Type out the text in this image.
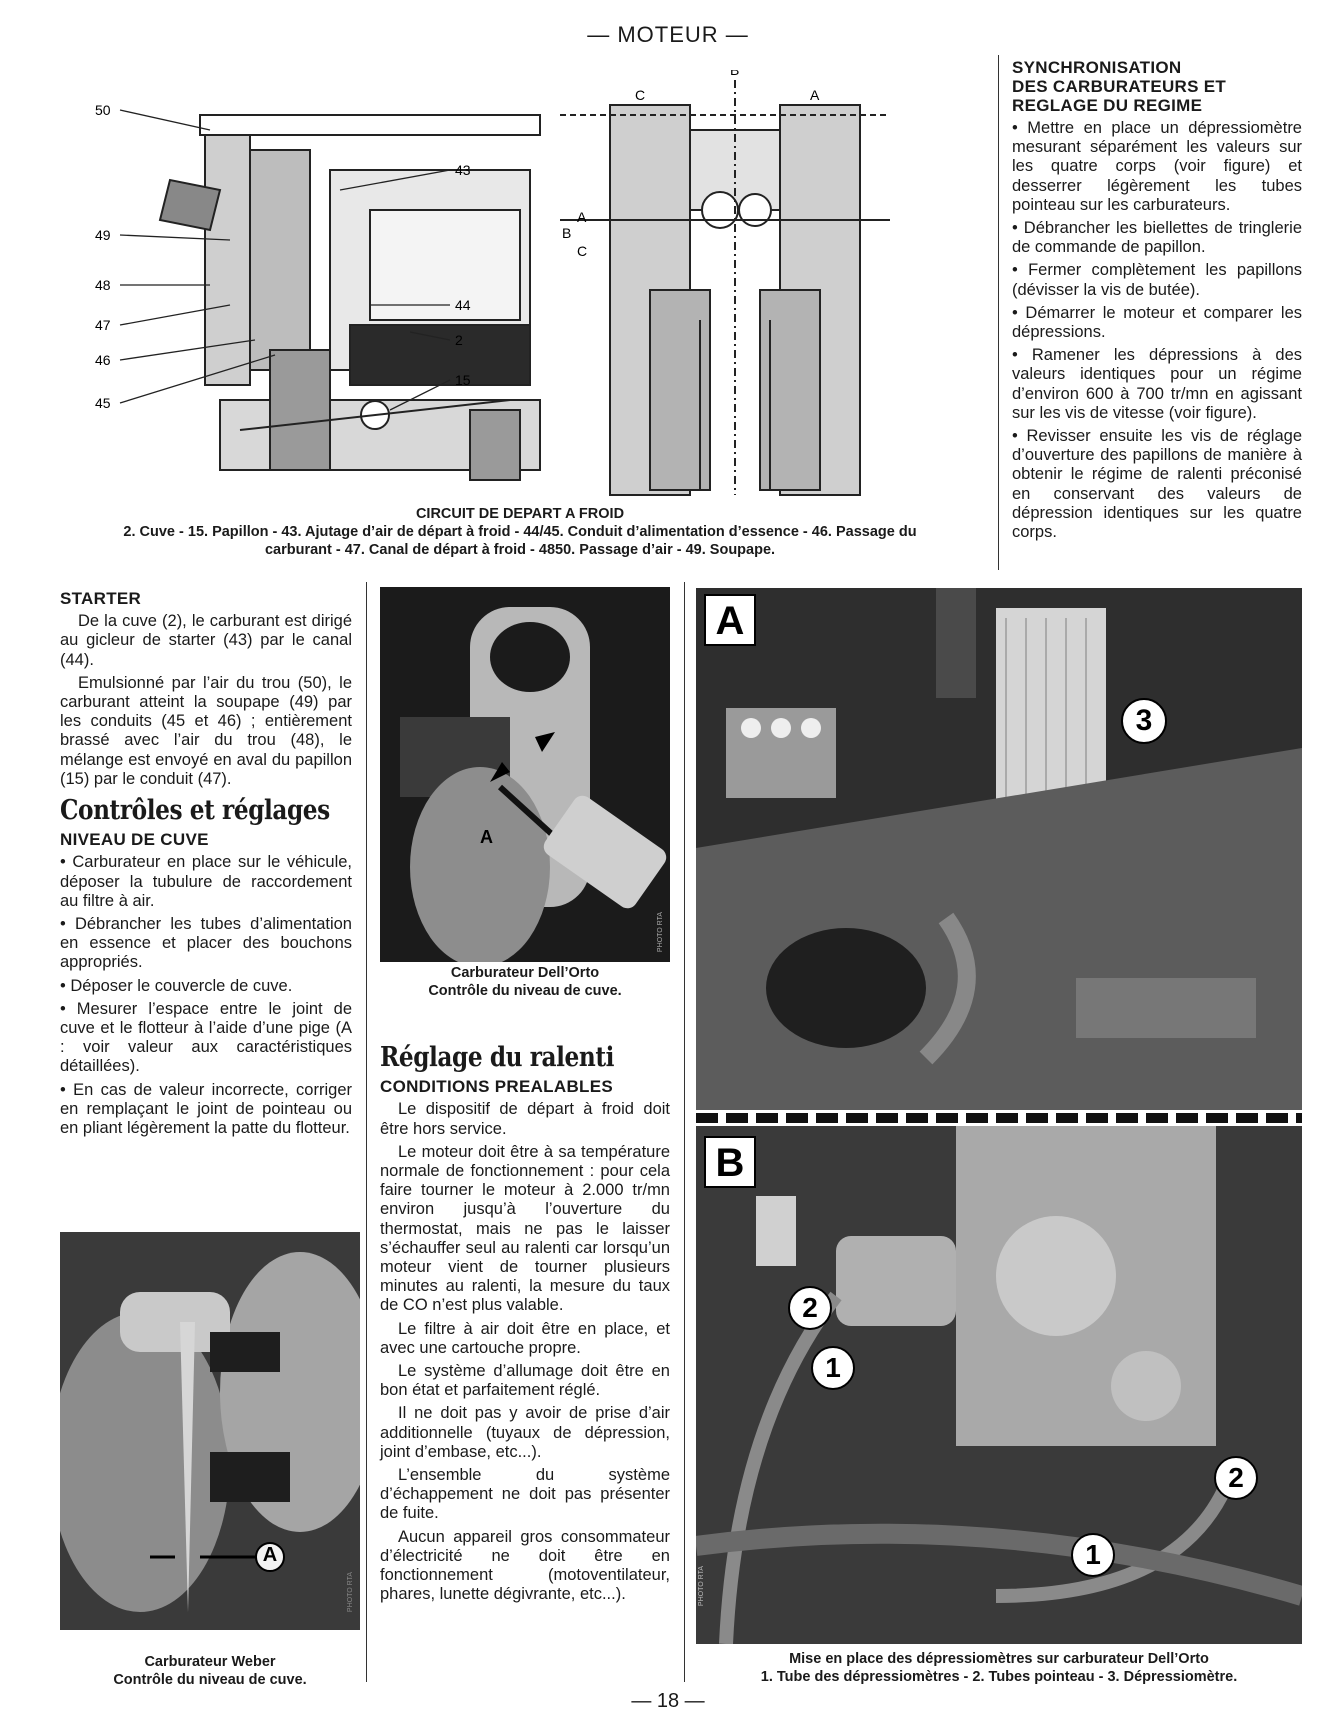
— MOTEUR —
50
49
48
47
46
45
43
44
2
15
B
C	A
A
B
C
CIRCUIT DE DEPART A FROID
2. Cuve - 15. Papillon - 43. Ajutage d’air de départ à froid - 44/45. Conduit d’alimentation d’essence - 46. Passage du
carburant - 47. Canal de départ à froid - 4850. Passage d’air - 49. Soupape.
SYNCHRONISATION
DES CARBURATEURS ET
REGLAGE DU REGIME

• Mettre en place un dépressiomètre mesurant séparément les valeurs sur les quatre corps (voir figure) et desserrer légèrement les tubes pointeau sur les carburateurs.

• Débrancher les biellettes de tringlerie de commande de papillon.

• Fermer complètement les papillons (dévisser la vis de butée).

• Démarrer le moteur et comparer les dépressions.

• Ramener les dépressions à des valeurs identiques pour un régime d’environ 600 à 700 tr/mn en agissant sur les vis de vitesse (voir figure).

• Revisser ensuite les vis de réglage d’ouverture des papillons de manière à obtenir le régime de ralenti préconisé en conservant des valeurs de dépression identiques sur les quatre corps.

STARTER

De la cuve (2), le carburant est dirigé au gicleur de starter (43) par le canal (44).

Emulsionné par l’air du trou (50), le carburant atteint la soupape (49) par les conduits (45 et 46) ; entièrement brassé avec l’air du trou (48), le mélange est envoyé en aval du papillon (15) par le conduit (47).

Contrôles et réglages
NIVEAU DE CUVE

• Carburateur en place sur le véhicule, déposer la tubulure de raccordement au filtre à air.

• Débrancher les tubes d’alimentation en essence et placer des bouchons appropriés.

• Déposer le couvercle de cuve.

• Mesurer l’espace entre le joint de cuve et le flotteur à l’aide d’une pige (A : voir valeur aux caractéristiques détaillées).

• En cas de valeur incorrecte, corriger en remplaçant le joint de pointeau ou en pliant légèrement la patte du flotteur.

A
PHOTO RTA
Carburateur Weber
Contrôle du niveau de cuve.
A
PHOTO RTA
Carburateur Dell’Orto
Contrôle du niveau de cuve.
Réglage du ralenti
CONDITIONS PREALABLES

Le dispositif de départ à froid doit être hors service.

Le moteur doit être à sa température normale de fonctionnement : pour cela faire tourner le moteur à 2.000 tr/mn environ jusqu’à l’ouverture du thermostat, mais ne pas le laisser s’échauffer seul au ralenti car lorsqu’un moteur vient de tourner plusieurs minutes au ralenti, la mesure du taux de CO n’est plus valable.

Le filtre à air doit être en place, et avec une cartouche propre.

Le système d’allumage doit être en bon état et parfaitement réglé.

Il ne doit pas y avoir de prise d’air additionnelle (tuyaux de dépression, joint d’embase, etc...).

L’ensemble du système d’échappement ne doit pas présenter de fuite.

Aucun appareil gros consommateur d’électricité ne doit être en fonctionnement (motoventilateur, phares, lunette dégivrante, etc...).

A
3
B
2
1
2
1
PHOTO RTA
Mise en place des dépressiomètres sur carburateur Dell’Orto
1. Tube des dépressiomètres - 2. Tubes pointeau - 3. Dépressiomètre.
— 18 —
